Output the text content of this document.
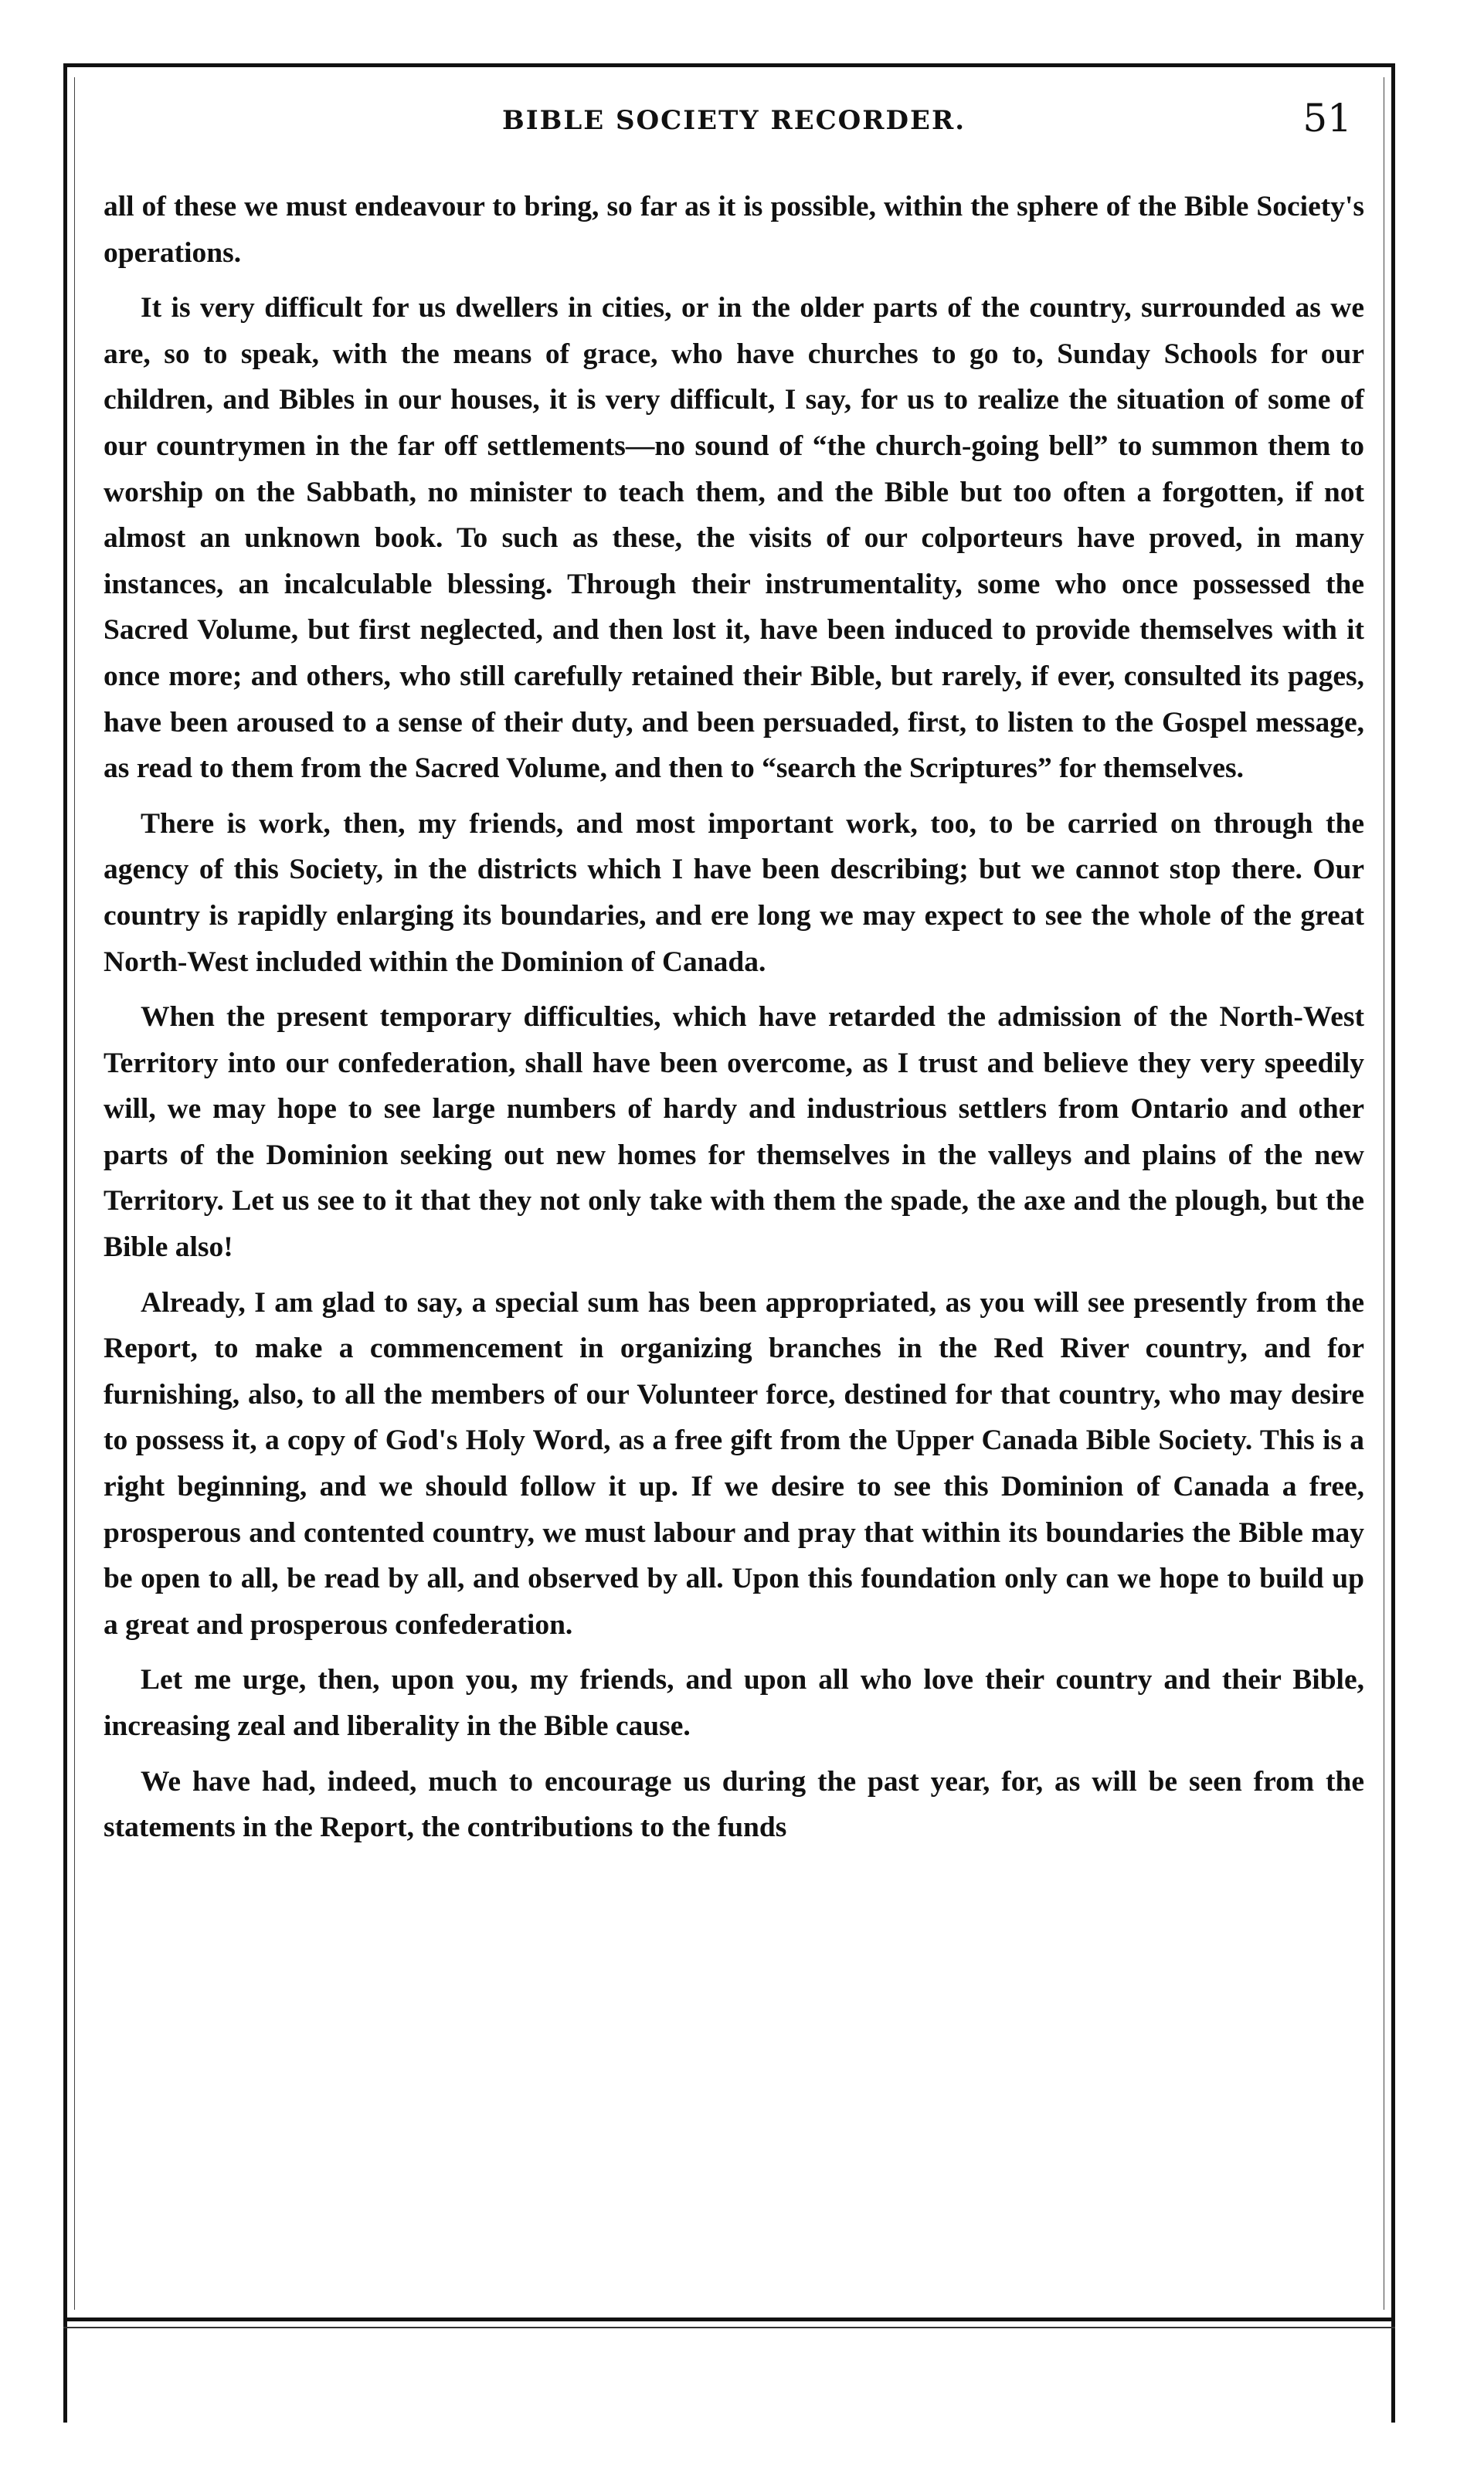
BIBLE SOCIETY RECORDER.	51

all of these we must endeavour to bring, so far as it is possible, within the sphere of the Bible Society's operations.

It is very difficult for us dwellers in cities, or in the older parts of the country, surrounded as we are, so to speak, with the means of grace, who have churches to go to, Sunday Schools for our children, and Bibles in our houses, it is very difficult, I say, for us to realize the situation of some of our countrymen in the far off settlements—no sound of “the church-going bell” to summon them to worship on the Sabbath, no minister to teach them, and the Bible but too often a forgotten, if not almost an unknown book. To such as these, the visits of our colporteurs have proved, in many instances, an incalculable blessing. Through their instrumentality, some who once possessed the Sacred Volume, but first neglected, and then lost it, have been induced to provide themselves with it once more; and others, who still carefully retained their Bible, but rarely, if ever, consulted its pages, have been aroused to a sense of their duty, and been persuaded, first, to listen to the Gospel message, as read to them from the Sacred Volume, and then to “search the Scriptures” for themselves.

There is work, then, my friends, and most important work, too, to be carried on through the agency of this Society, in the districts which I have been describing; but we cannot stop there. Our country is rapidly enlarging its boundaries, and ere long we may expect to see the whole of the great North-West included within the Dominion of Canada.

When the present temporary difficulties, which have retarded the admission of the North-West Territory into our confederation, shall have been overcome, as I trust and believe they very speedily will, we may hope to see large numbers of hardy and industrious settlers from Ontario and other parts of the Dominion seeking out new homes for themselves in the valleys and plains of the new Territory. Let us see to it that they not only take with them the spade, the axe and the plough, but the Bible also!

Already, I am glad to say, a special sum has been appropriated, as you will see presently from the Report, to make a commencement in organizing branches in the Red River country, and for furnishing, also, to all the members of our Volunteer force, destined for that country, who may desire to possess it, a copy of God's Holy Word, as a free gift from the Upper Canada Bible Society. This is a right beginning, and we should follow it up. If we desire to see this Dominion of Canada a free, prosperous and contented country, we must labour and pray that within its boundaries the Bible may be open to all, be read by all, and observed by all. Upon this foundation only can we hope to build up a great and prosperous confederation.

Let me urge, then, upon you, my friends, and upon all who love their country and their Bible, increasing zeal and liberality in the Bible cause.

We have had, indeed, much to encourage us during the past year, for, as will be seen from the statements in the Report, the contributions to the funds
